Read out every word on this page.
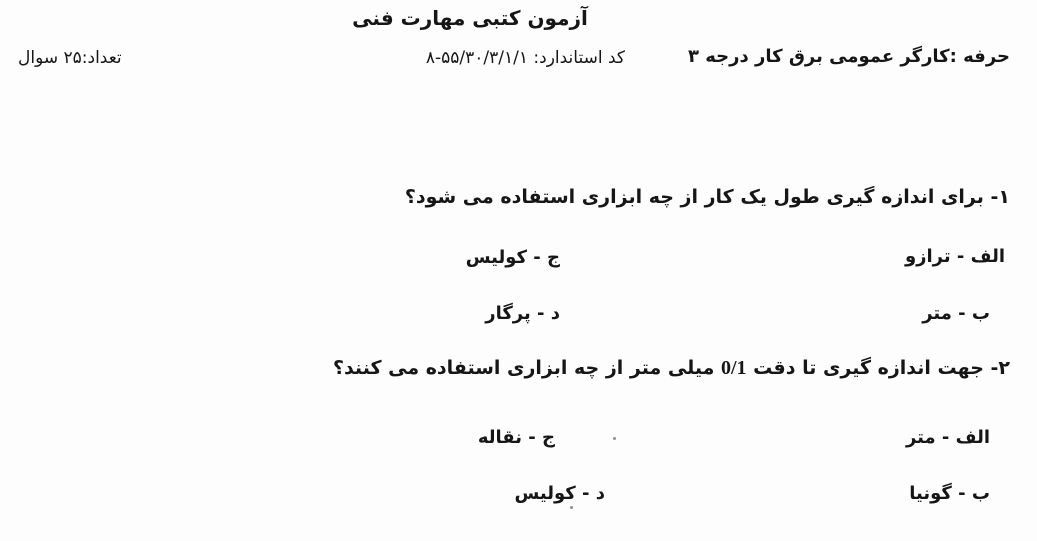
آزمون کتبی مهارت فنی
حرفه :کارگر عمومی برق کار درجه ۳
کد استاندارد: ۸-۵۵/۳۰/۳/۱/۱
تعداد:۲۵ سوال
۱- برای اندازه گیری طول یک کار از چه ابزاری استفاده می شود؟
الف - ترازو
ج - کولیس
ب - متر
د - پرگار
۲- جهت اندازه گیری تا دقت 0/1 میلی متر از چه ابزاری استفاده می کنند؟
الف - متر
ج - نقاله
ب - گونیا
د - کولیس
